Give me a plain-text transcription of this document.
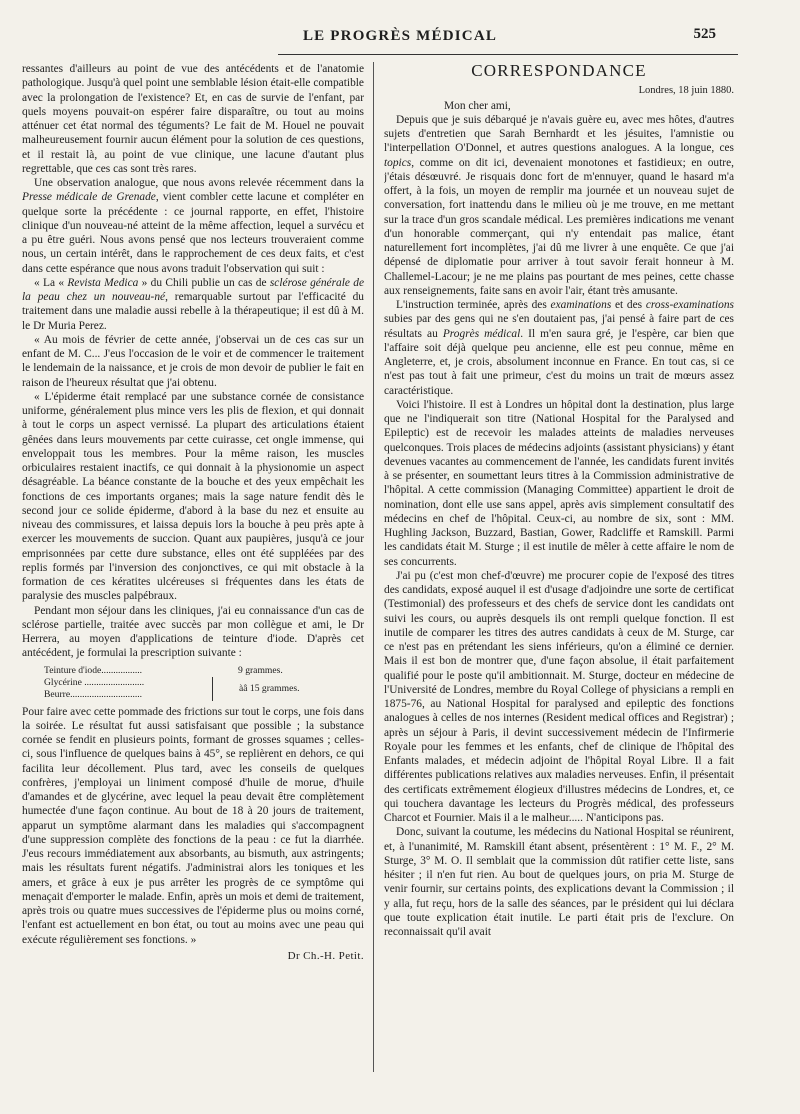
LE PROGRÈS MÉDICAL	525

ressantes d'ailleurs au point de vue des antécédents et de l'anatomie pathologique. Jusqu'à quel point une semblable lésion était-elle compatible avec la prolongation de l'existence? Et, en cas de survie de l'enfant, par quels moyens pouvait-on espérer faire disparaître, ou tout au moins atténuer cet état normal des téguments? Le fait de M. Houel ne pouvait malheureusement fournir aucun élément pour la solution de ces questions, et il restait là, au point de vue clinique, une lacune d'autant plus regrettable, que ces cas sont très rares.

Une observation analogue, que nous avons relevée récemment dans la Presse médicale de Grenade, vient combler cette lacune et compléter en quelque sorte la précédente : ce journal rapporte, en effet, l'histoire clinique d'un nouveau-né atteint de la même affection, lequel a survécu et a pu être guéri. Nous avons pensé que nos lecteurs trouveraient comme nous, un certain intérêt, dans le rapprochement de ces deux faits, et c'est dans cette espérance que nous avons traduit l'observation qui suit :

« La « Revista Medica » du Chili publie un cas de sclérose générale de la peau chez un nouveau-né, remarquable surtout par l'efficacité du traitement dans une maladie aussi rebelle à la thérapeutique; il est dû à M. le Dr Muria Perez.

« Au mois de février de cette année, j'observai un de ces cas sur un enfant de M. C... J'eus l'occasion de le voir et de commencer le traitement le lendemain de la naissance, et je crois de mon devoir de publier le fait en raison de l'heureux résultat que j'ai obtenu.

« L'épiderme était remplacé par une substance cornée de consistance uniforme, généralement plus mince vers les plis de flexion, et qui donnait à tout le corps un aspect vernissé. La plupart des articulations étaient gênées dans leurs mouvements par cette cuirasse, cet ongle immense, qui enveloppait tous les membres. Pour la même raison, les muscles orbiculaires restaient inactifs, ce qui donnait à la physionomie un aspect désagréable. La béance constante de la bouche et des yeux empêchait les fonctions de ces importants organes; mais la sage nature fendit dès le second jour ce solide épiderme, d'abord à la base du nez et ensuite au niveau des commissures, et laissa depuis lors la bouche à peu près apte à exercer les mouvements de succion. Quant aux paupières, jusqu'à ce jour emprisonnées par cette dure substance, elles ont été suppléées par des replis formés par l'inversion des conjonctives, ce qui mit obstacle à la formation de ces kératites ulcéreuses si fréquentes dans les états de paralysie des muscles palpébraux.

Pendant mon séjour dans les cliniques, j'ai eu connaissance d'un cas de sclérose partielle, traitée avec succès par mon collègue et ami, le Dr Herrera, au moyen d'applications de teinture d'iode. D'après cet antécédent, je formulai la prescription suivante :

Teinture d'iode.................	9 grammes.
Glycérine .........................
Beurre..............................
àâ 15 grammes.

Pour faire avec cette pommade des frictions sur tout le corps, une fois dans la soirée. Le résultat fut aussi satisfaisant que possible ; la substance cornée se fendit en plusieurs points, formant de grosses squames ; celles-ci, sous l'influence de quelques bains à 45°, se replièrent en dehors, ce qui facilita leur décollement. Plus tard, avec les conseils de quelques confrères, j'employai un liniment composé d'huile de morue, d'huile d'amandes et de glycérine, avec lequel la peau devait être complètement humectée d'une façon continue. Au bout de 18 à 20 jours de traitement, apparut un symptôme alarmant dans les maladies qui s'accompagnent d'une suppression complète des fonctions de la peau : ce fut la diarrhée. J'eus recours immédiatement aux absorbants, au bismuth, aux astringents; mais les résultats furent négatifs. J'administrai alors les toniques et les amers, et grâce à eux je pus arrêter les progrès de ce symptôme qui menaçait d'emporter le malade. Enfin, après un mois et demi de traitement, après trois ou quatre mues successives de l'épiderme plus ou moins corné, l'enfant est actuellement en bon état, ou tout au moins avec une peau qui exécute régulièrement ses fonctions. »

Dr Ch.-H. Petit.

CORRESPONDANCE

Londres, 18 juin 1880.

Mon cher ami,

Depuis que je suis débarqué je n'avais guère eu, avec mes hôtes, d'autres sujets d'entretien que Sarah Bernhardt et les jésuites, l'amnistie ou l'interpellation O'Donnel, et autres questions analogues. A la longue, ces topics, comme on dit ici, devenaient monotones et fastidieux; en outre, j'étais désœuvré. Je risquais donc fort de m'ennuyer, quand le hasard m'a offert, à la fois, un moyen de remplir ma journée et un nouveau sujet de conversation, fort inattendu dans le milieu où je me trouve, en me mettant sur la trace d'un gros scandale médical. Les premières indications me venant d'un honorable commerçant, qui n'y entendait pas malice, étant naturellement fort incomplètes, j'ai dû me livrer à une enquête. Ce que j'ai dépensé de diplomatie pour arriver à tout savoir ferait honneur à M. Challemel-Lacour; je ne me plains pas pourtant de mes peines, cette chasse aux renseignements, faite sans en avoir l'air, étant très amusante.

L'instruction terminée, après des examinations et des cross-examinations subies par des gens qui ne s'en doutaient pas, j'ai pensé à faire part de ces résultats au Progrès médical. Il m'en saura gré, je l'espère, car bien que l'affaire soit déjà quelque peu ancienne, elle est peu connue, même en Angleterre, et, je crois, absolument inconnue en France. En tout cas, si ce n'est pas tout à fait une primeur, c'est du moins un trait de mœurs assez caractéristique.

Voici l'histoire. Il est à Londres un hôpital dont la destination, plus large que ne l'indiquerait son titre (National Hospital for the Paralysed and Epileptic) est de recevoir les malades atteints de maladies nerveuses quelconques. Trois places de médecins adjoints (assistant physicians) y étant devenues vacantes au commencement de l'année, les candidats furent invités à se présenter, en soumettant leurs titres à la Commission administrative de l'hôpital. A cette commission (Managing Committee) appartient le droit de nomination, dont elle use sans appel, après avis simplement consultatif des médecins en chef de l'hôpital. Ceux-ci, au nombre de six, sont : MM. Hughling Jackson, Buzzard, Bastian, Gower, Radcliffe et Ramskill. Parmi les candidats était M. Sturge ; il est inutile de mêler à cette affaire le nom de ses concurrents.

J'ai pu (c'est mon chef-d'œuvre) me procurer copie de l'exposé des titres des candidats, exposé auquel il est d'usage d'adjoindre une sorte de certificat (Testimonial) des professeurs et des chefs de service dont les candidats ont suivi les cours, ou auprès desquels ils ont rempli quelque fonction. Il est inutile de comparer les titres des autres candidats à ceux de M. Sturge, car ce n'est pas en prétendant les siens inférieurs, qu'on a éliminé ce dernier. Mais il est bon de montrer que, d'une façon absolue, il était parfaitement qualifié pour le poste qu'il ambitionnait. M. Sturge, docteur en médecine de l'Université de Londres, membre du Royal College of physicians a rempli en 1875-76, au National Hospital for paralysed and epileptic des fonctions analogues à celles de nos internes (Resident medical offices and Registrar) ; après un séjour à Paris, il devint successivement médecin de l'Infirmerie Royale pour les femmes et les enfants, chef de clinique de l'hôpital des Enfants malades, et médecin adjoint de l'hôpital Royal Libre. Il a fait différentes publications relatives aux maladies nerveuses. Enfin, il présentait des certificats extrêmement élogieux d'illustres médecins de Londres, et, ce qui touchera davantage les lecteurs du Progrès médical, des professeurs Charcot et Fournier. Mais il a le malheur..... N'anticipons pas.

Donc, suivant la coutume, les médecins du National Hospital se réunirent, et, à l'unanimité, M. Ramskill étant absent, présentèrent : 1° M. F., 2° M. Sturge, 3° M. O. Il semblait que la commission dût ratifier cette liste, sans hésiter ; il n'en fut rien. Au bout de quelques jours, on pria M. Sturge de venir fournir, sur certains points, des explications devant la Commission ; il y alla, fut reçu, hors de la salle des séances, par le président qui lui déclara que toute explication était inutile. Le parti était pris de l'exclure. On reconnaissait qu'il avait
